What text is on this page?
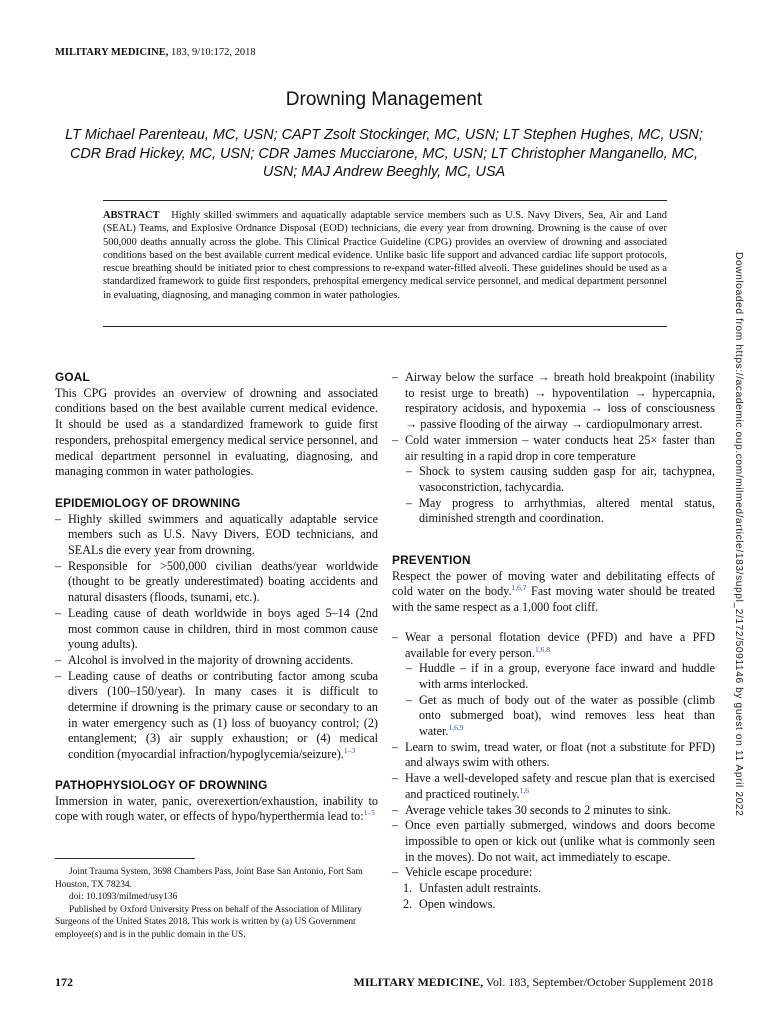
MILITARY MEDICINE, 183, 9/10:172, 2018
Drowning Management
LT Michael Parenteau, MC, USN; CAPT Zsolt Stockinger, MC, USN; LT Stephen Hughes, MC, USN; CDR Brad Hickey, MC, USN; CDR James Mucciarone, MC, USN; LT Christopher Manganello, MC, USN; MAJ Andrew Beeghly, MC, USA
ABSTRACT Highly skilled swimmers and aquatically adaptable service members such as U.S. Navy Divers, Sea, Air and Land (SEAL) Teams, and Explosive Ordnance Disposal (EOD) technicians, die every year from drowning. Drowning is the cause of over 500,000 deaths annually across the globe. This Clinical Practice Guideline (CPG) provides an overview of drowning and associated conditions based on the best available current medical evidence. Unlike basic life support and advanced cardiac life support protocols, rescue breathing should be initiated prior to chest compressions to re-expand water-filled alveoli. These guidelines should be used as a standardized framework to guide first responders, prehospital emergency medical service personnel, and medical department personnel in evaluating, diagnosing, and managing common in water pathologies.
GOAL

This CPG provides an overview of drowning and associated conditions based on the best available current medical evidence. It should be used as a standardized framework to guide first responders, prehospital emergency medical service personnel, and medical department personnel in evaluating, diagnosing, and managing common in water pathologies.

EPIDEMIOLOGY OF DROWNING
– Highly skilled swimmers and aquatically adaptable service members such as U.S. Navy Divers, EOD technicians, and SEALs die every year from drowning.
– Responsible for >500,000 civilian deaths/year worldwide (thought to be greatly underestimated) boating accidents and natural disasters (floods, tsunami, etc.).
– Leading cause of death worldwide in boys aged 5–14 (2nd most common cause in children, third in most common cause young adults).
– Alcohol is involved in the majority of drowning accidents.
– Leading cause of deaths or contributing factor among scuba divers (100–150/year). In many cases it is difficult to determine if drowning is the primary cause or secondary to an in water emergency such as (1) loss of buoyancy control; (2) entanglement; (3) air supply exhaustion; or (4) medical condition (myocardial infraction/hypoglycemia/seizure).$^{1-3}$
PATHOPHYSIOLOGY OF DROWNING

Immersion in water, panic, overexertion/exhaustion, inability to cope with rough water, or effects of hypo/hyperthermia lead to:$^{1-5}$

Joint Trauma System, 3698 Chambers Pass, Joint Base San Antonio, Fort Sam Houston, TX 78234.

doi: 10.1093/milmed/usy136

Published by Oxford University Press on behalf of the Association of Military Surgeons of the United States 2018. This work is written by (a) US Government employee(s) and is in the public domain in the US.

– Airway below the surface → breath hold breakpoint (inability to resist urge to breath) → hypoventilation → hypercapnia, respiratory acidosis, and hypoxemia → loss of consciousness → passive flooding of the airway → cardiopulmonary arrest.
– Cold water immersion – water conducts heat 25× faster than air resulting in a rapid drop in core temperature
– Shock to system causing sudden gasp for air, tachypnea, vasoconstriction, tachycardia.
– May progress to arrhythmias, altered mental status, diminished strength and coordination.
PREVENTION

Respect the power of moving water and debilitating effects of cold water on the body.$^{1,6,7}$ Fast moving water should be treated with the same respect as a 1,000 foot cliff.

– Wear a personal flotation device (PFD) and have a PFD available for every person.$^{1,6,8}$
– Huddle – if in a group, everyone face inward and huddle with arms interlocked.
– Get as much of body out of the water as possible (climb onto submerged boat), wind removes less heat than water.$^{1,6,9}$
– Learn to swim, tread water, or float (not a substitute for PFD) and always swim with others.
– Have a well-developed safety and rescue plan that is exercised and practiced routinely.$^{1,6}$
– Average vehicle takes 30 seconds to 2 minutes to sink.
– Once even partially submerged, windows and doors become impossible to open or kick out (unlike what is commonly seen in the moves). Do not wait, act immediately to escape.
– Vehicle escape procedure:
1. Unfasten adult restraints.
2. Open windows.
172	MILITARY MEDICINE, Vol. 183, September/October Supplement 2018
Downloaded from https://academic.oup.com/milmed/article/183/suppl_2/172/5091146 by guest on 11 April 2022
